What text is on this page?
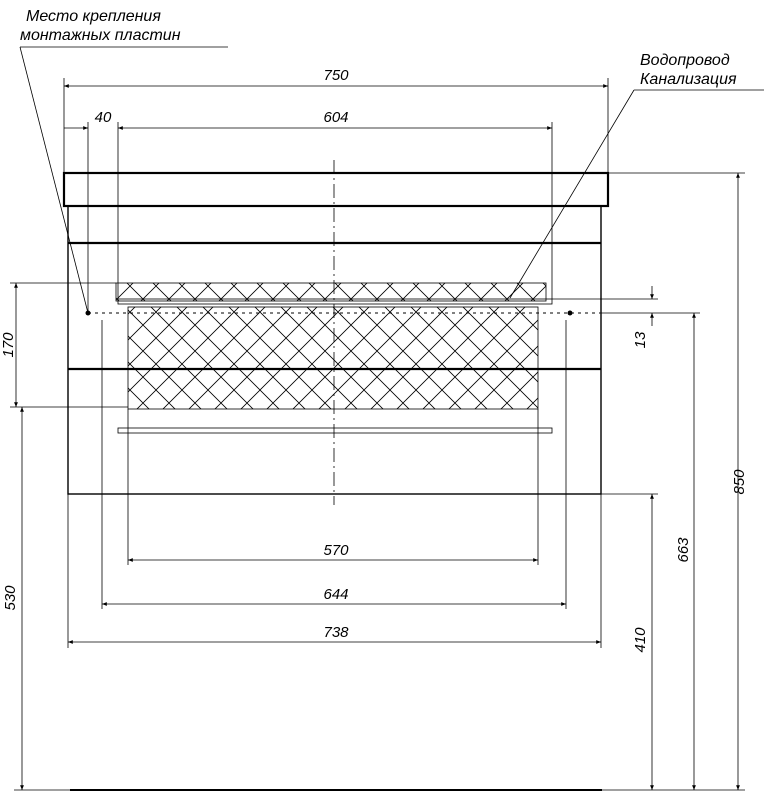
Место крепления
монтажных пластин
Водопровод
Канализация
750
40	604
570
644
738
170
530
850
663
410
13
